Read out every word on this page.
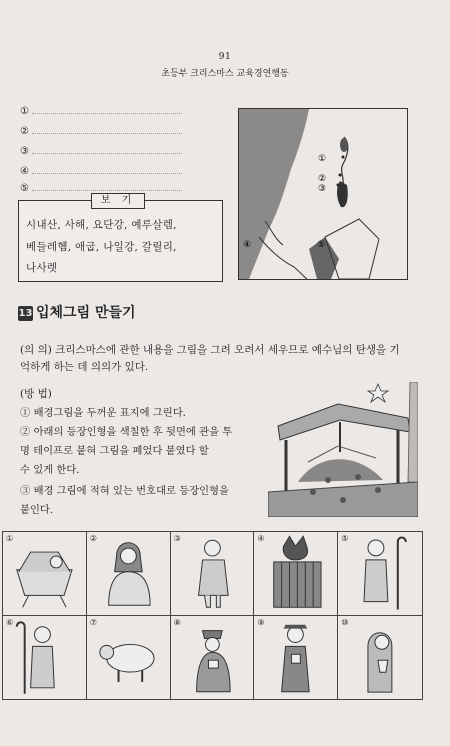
91
초등부 크리스마스 교육경연행동
①
②
③
④
⑤
보 기
시내산, 사해, 요단강, 예루살렘,
베들레헴, 애굽, 나일강, 갈릴리,
나사렛
①
②
③
④	⑤
13 입체그림 만들기
(의 의) 크리스마스에 관한 내용을 그림을 그려 오려서 세우므로 예수님의 탄생을 기
억하게 하는 데 의의가 있다.
(방 법)
① 배경그림을 두꺼운 표지에 그린다.
② 아래의 등장인형을 색칠한 후 뒷면에 관을 투
명 테이프로 붙혀 그림을 폐었다 붙였다 할
수 있게 한다.
③ 배경 그림에 적혀 있는 번호대로 등장인형을
붙인다.
①	②	③	④	⑤
⑥	⑦	⑧	⑨	⑩
